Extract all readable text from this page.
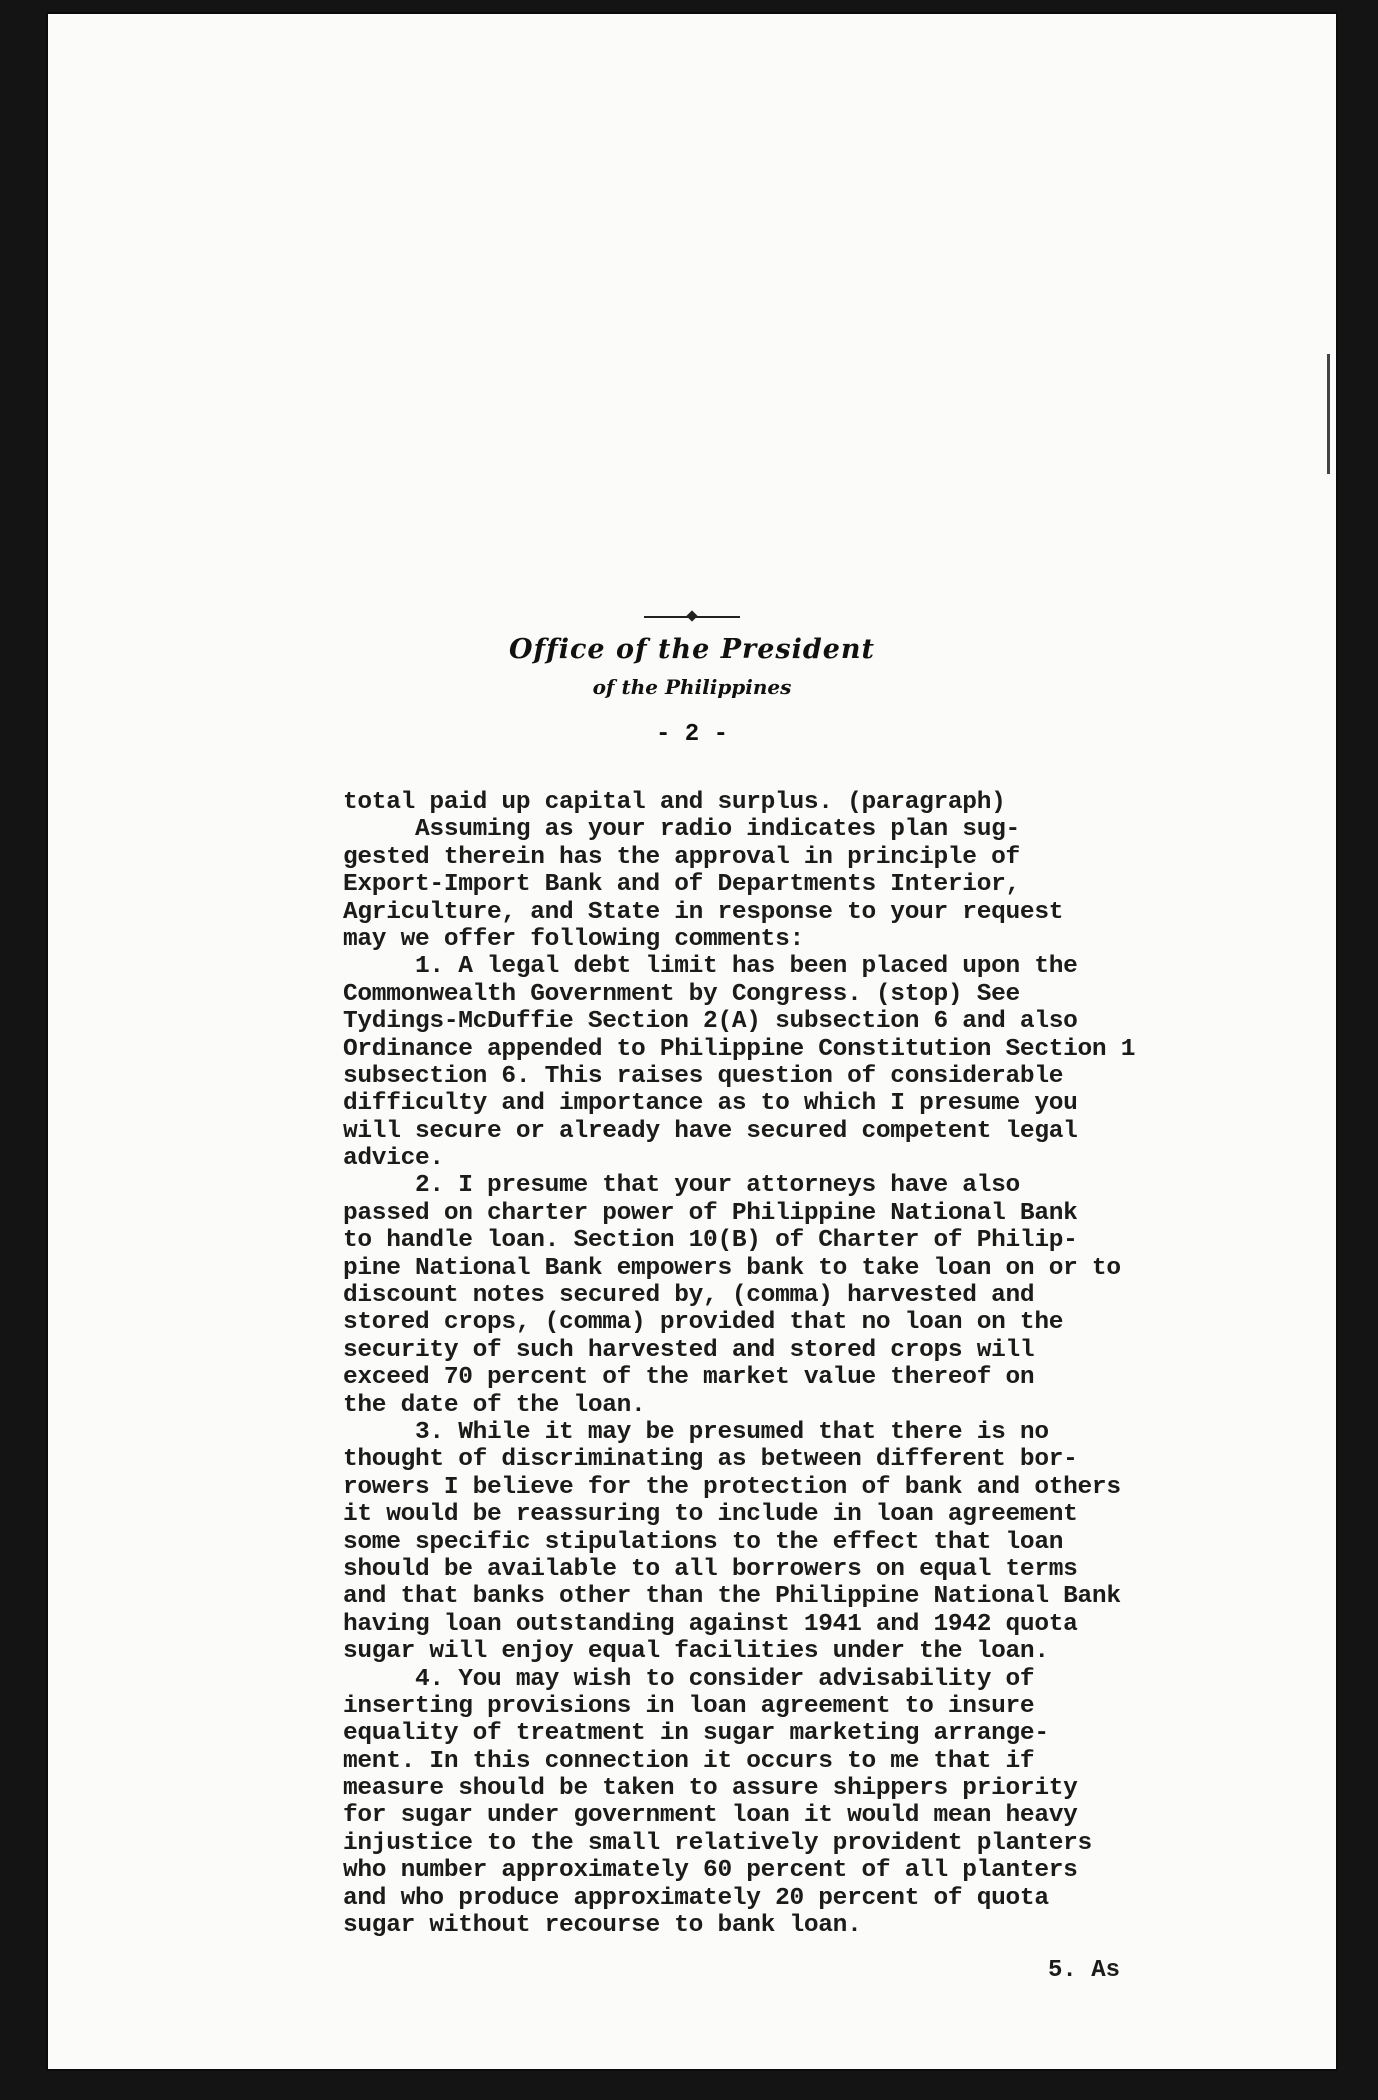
Office of the President
of the Philippines
- 2 -
total paid up capital and surplus. (paragraph)
Assuming as your radio indicates plan sug-
gested therein has the approval in principle of
Export-Import Bank and of Departments Interior,
Agriculture, and State in response to your request
may we offer following comments:
1. A legal debt limit has been placed upon the
Commonwealth Government by Congress. (stop) See
Tydings-McDuffie Section 2(A) subsection 6 and also
Ordinance appended to Philippine Constitution Section 1
subsection 6. This raises question of considerable
difficulty and importance as to which I presume you
will secure or already have secured competent legal
advice.
2. I presume that your attorneys have also
passed on charter power of Philippine National Bank
to handle loan. Section 10(B) of Charter of Philip-
pine National Bank empowers bank to take loan on or to
discount notes secured by, (comma) harvested and
stored crops, (comma) provided that no loan on the
security of such harvested and stored crops will
exceed 70 percent of the market value thereof on
the date of the loan.
3. While it may be presumed that there is no
thought of discriminating as between different bor-
rowers I believe for the protection of bank and others
it would be reassuring to include in loan agreement
some specific stipulations to the effect that loan
should be available to all borrowers on equal terms
and that banks other than the Philippine National Bank
having loan outstanding against 1941 and 1942 quota
sugar will enjoy equal facilities under the loan.
4. You may wish to consider advisability of
inserting provisions in loan agreement to insure
equality of treatment in sugar marketing arrange-
ment. In this connection it occurs to me that if
measure should be taken to assure shippers priority
for sugar under government loan it would mean heavy
injustice to the small relatively provident planters
who number approximately 60 percent of all planters
and who produce approximately 20 percent of quota
sugar without recourse to bank loan.
5. As
